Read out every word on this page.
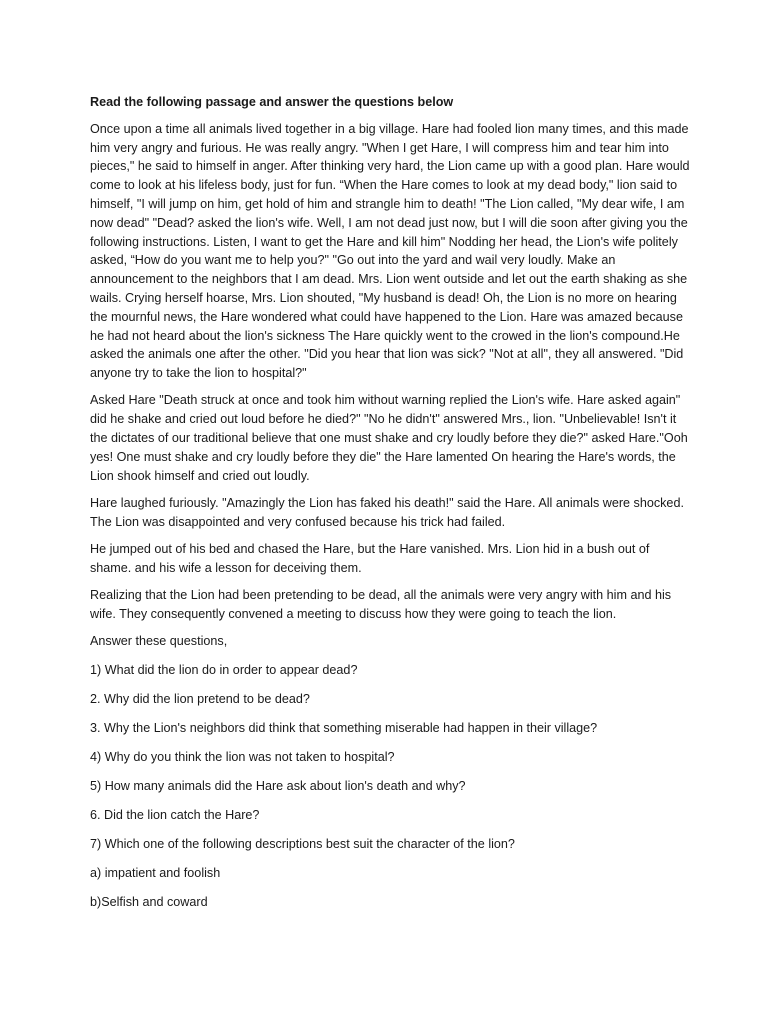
Read the following passage and answer the questions below

Once upon a time all animals lived together in a big village. Hare had fooled lion many times, and this made him very angry and furious. He was really angry. "When I get Hare, I will compress him and tear him into pieces," he said to himself in anger. After thinking very hard, the Lion came up with a good plan. Hare would come to look at his lifeless body, just for fun. “When the Hare comes to look at my dead body," lion said to himself, "I will jump on him, get hold of him and strangle him to death! "The Lion called, "My dear wife, I am now dead" "Dead? asked the lion's wife. Well, I am not dead just now, but I will die soon after giving you the following instructions. Listen, I want to get the Hare and kill him" Nodding her head, the Lion's wife politely asked, “How do you want me to help you?" "Go out into the yard and wail very loudly. Make an announcement to the neighbors that I am dead. Mrs. Lion went outside and let out the earth shaking as she wails. Crying herself hoarse, Mrs. Lion shouted, "My husband is dead! Oh, the Lion is no more on hearing the mournful news, the Hare wondered what could have happened to the Lion. Hare was amazed because he had not heard about the lion's sickness The Hare quickly went to the crowed in the lion's compound.He asked the animals one after the other. "Did you hear that lion was sick? "Not at all", they all answered. "Did anyone try to take the lion to hospital?"

Asked Hare "Death struck at once and took him without warning replied the Lion's wife. Hare asked again" did he shake and cried out loud before he died?" "No he didn't" answered Mrs., lion. "Unbelievable! Isn't it the dictates of our traditional believe that one must shake and cry loudly before they die?" asked Hare."Ooh yes! One must shake and cry loudly before they die" the Hare lamented On hearing the Hare's words, the Lion shook himself and cried out loudly.

Hare laughed furiously. "Amazingly the Lion has faked his death!" said the Hare. All animals were shocked. The Lion was disappointed and very confused because his trick had failed.

He jumped out of his bed and chased the Hare, but the Hare vanished. Mrs. Lion hid in a bush out of shame. and his wife a lesson for deceiving them.

Realizing that the Lion had been pretending to be dead, all the animals were very angry with him and his wife. They consequently convened a meeting to discuss how they were going to teach the lion.

Answer these questions,

1) What did the lion do in order to appear dead?

2. Why did the lion pretend to be dead?

3. Why the Lion's neighbors did think that something miserable had happen in their village?

4) Why do you think the lion was not taken to hospital?

5) How many animals did the Hare ask about lion's death and why?

6. Did the lion catch the Hare?

7) Which one of the following descriptions best suit the character of the lion?

a) impatient and foolish

b)Selfish and coward
